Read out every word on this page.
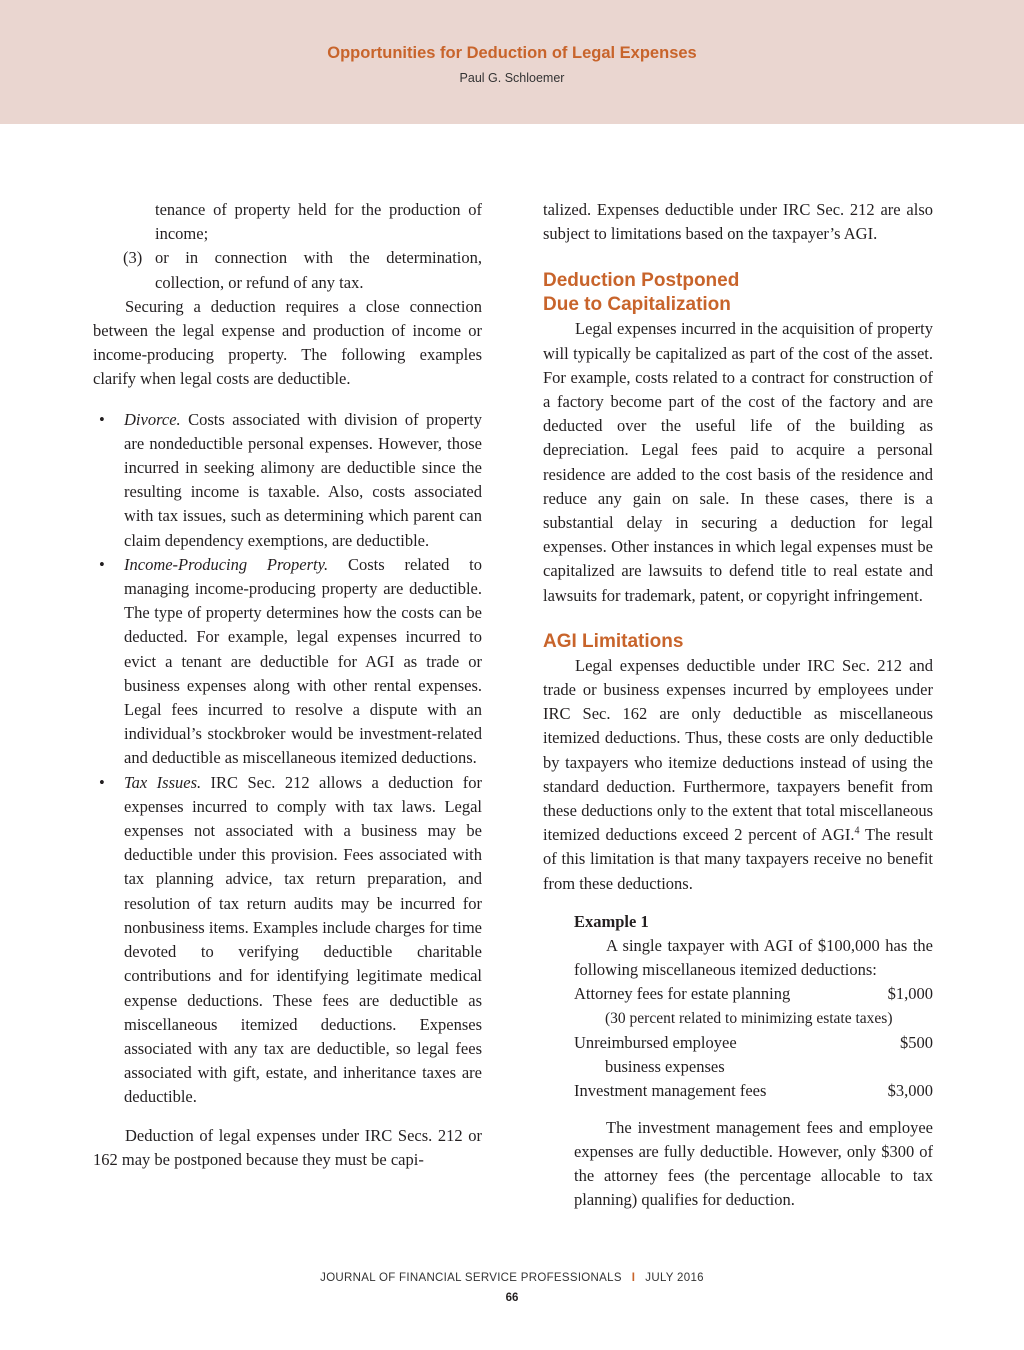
Opportunities for Deduction of Legal Expenses
Paul G. Schloemer

tenance of property held for the production of income;

(3) or in connection with the determination, collection, or refund of any tax.

Securing a deduction requires a close connection between the legal expense and production of income or income-producing property. The following examples clarify when legal costs are deductible.

• Divorce. Costs associated with division of property are nondeductible personal expenses. However, those incurred in seeking alimony are deductible since the resulting income is taxable. Also, costs associated with tax issues, such as determining which parent can claim dependency exemptions, are deductible.
• Income-Producing Property. Costs related to managing income-producing property are deductible. The type of property determines how the costs can be deducted. For example, legal expenses incurred to evict a tenant are deductible for AGI as trade or business expenses along with other rental expenses. Legal fees incurred to resolve a dispute with an individual’s stockbroker would be investment-related and deductible as miscellaneous itemized deductions.
• Tax Issues. IRC Sec. 212 allows a deduction for expenses incurred to comply with tax laws. Legal expenses not associated with a business may be deductible under this provision. Fees associated with tax planning advice, tax return preparation, and resolution of tax return audits may be incurred for nonbusiness items. Examples include charges for time devoted to verifying deductible charitable contributions and for identifying legitimate medical expense deductions. These fees are deductible as miscellaneous itemized deductions. Expenses associated with any tax are deductible, so legal fees associated with gift, estate, and inheritance taxes are deductible.

Deduction of legal expenses under IRC Secs. 212 or 162 may be postponed because they must be capi-

talized. Expenses deductible under IRC Sec. 212 are also subject to limitations based on the taxpayer’s AGI.

Deduction Postponed
Due to Capitalization

Legal expenses incurred in the acquisition of property will typically be capitalized as part of the cost of the asset. For example, costs related to a contract for construction of a factory become part of the cost of the factory and are deducted over the useful life of the building as depreciation. Legal fees paid to acquire a personal residence are added to the cost basis of the residence and reduce any gain on sale. In these cases, there is a substantial delay in securing a deduction for legal expenses. Other instances in which legal expenses must be capitalized are lawsuits to defend title to real estate and lawsuits for trademark, patent, or copyright infringement.

AGI Limitations

Legal expenses deductible under IRC Sec. 212 and trade or business expenses incurred by employees under IRC Sec. 162 are only deductible as miscellaneous itemized deductions. Thus, these costs are only deductible by taxpayers who itemize deductions instead of using the standard deduction. Furthermore, taxpayers benefit from these deductions only to the extent that total miscellaneous itemized deductions exceed 2 percent of AGI.$^4$ The result of this limitation is that many taxpayers receive no benefit from these deductions.

Example 1

A single taxpayer with AGI of $100,000 has the following miscellaneous itemized deductions:

Attorney fees for estate planning	$1,000
(30 percent related to minimizing estate taxes)
Unreimbursed employee	$500
business expenses
Investment management fees	$3,000

The investment management fees and employee expenses are fully deductible. However, only $300 of the attorney fees (the percentage allocable to tax planning) qualifies for deduction.

JOURNAL OF FINANCIAL SERVICE PROFESSIONALS I JULY 2016
66
